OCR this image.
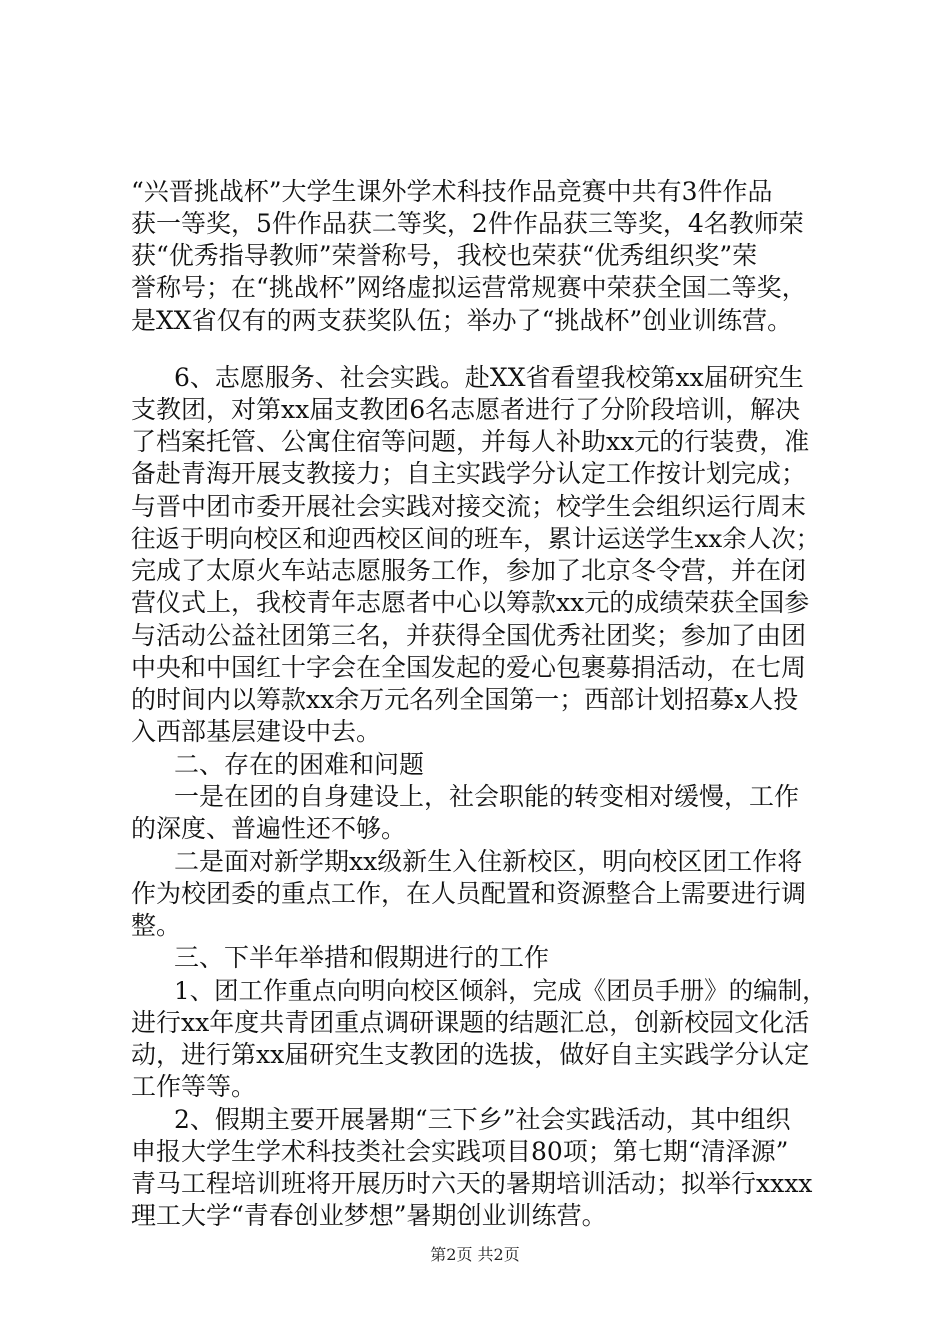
“兴晋挑战杯”大学生课外学术科技作品竞赛中共有3件作品
获一等奖，5件作品获二等奖，2件作品获三等奖，4名教师荣
获“优秀指导教师”荣誉称号，我校也荣获“优秀组织奖”荣
誉称号；在“挑战杯”网络虚拟运营常规赛中荣获全国二等奖，
是XX省仅有的两支获奖队伍；举办了“挑战杯”创业训练营。
6、志愿服务、社会实践。赴XX省看望我校第xx届研究生
支教团，对第xx届支教团6名志愿者进行了分阶段培训，解决
了档案托管、公寓住宿等问题，并每人补助xx元的行装费，准
备赴青海开展支教接力；自主实践学分认定工作按计划完成；
与晋中团市委开展社会实践对接交流；校学生会组织运行周末
往返于明向校区和迎西校区间的班车，累计运送学生xx余人次；
完成了太原火车站志愿服务工作，参加了北京冬令营，并在闭
营仪式上，我校青年志愿者中心以筹款xx元的成绩荣获全国参
与活动公益社团第三名，并获得全国优秀社团奖；参加了由团
中央和中国红十字会在全国发起的爱心包裹募捐活动，在七周
的时间内以筹款xx余万元名列全国第一；西部计划招募x人投
入西部基层建设中去。
二、存在的困难和问题
一是在团的自身建设上，社会职能的转变相对缓慢，工作
的深度、普遍性还不够。
二是面对新学期xx级新生入住新校区，明向校区团工作将
作为校团委的重点工作，在人员配置和资源整合上需要进行调
整。
三、下半年举措和假期进行的工作
1、团工作重点向明向校区倾斜，完成《团员手册》的编制，
进行xx年度共青团重点调研课题的结题汇总，创新校园文化活
动，进行第xx届研究生支教团的选拔，做好自主实践学分认定
工作等等。
2、假期主要开展暑期“三下乡”社会实践活动，其中组织
申报大学生学术科技类社会实践项目80项；第七期“清泽源”
青马工程培训班将开展历时六天的暑期培训活动；拟举行xxxx
理工大学“青春创业梦想”暑期创业训练营。
第2页 共2页
